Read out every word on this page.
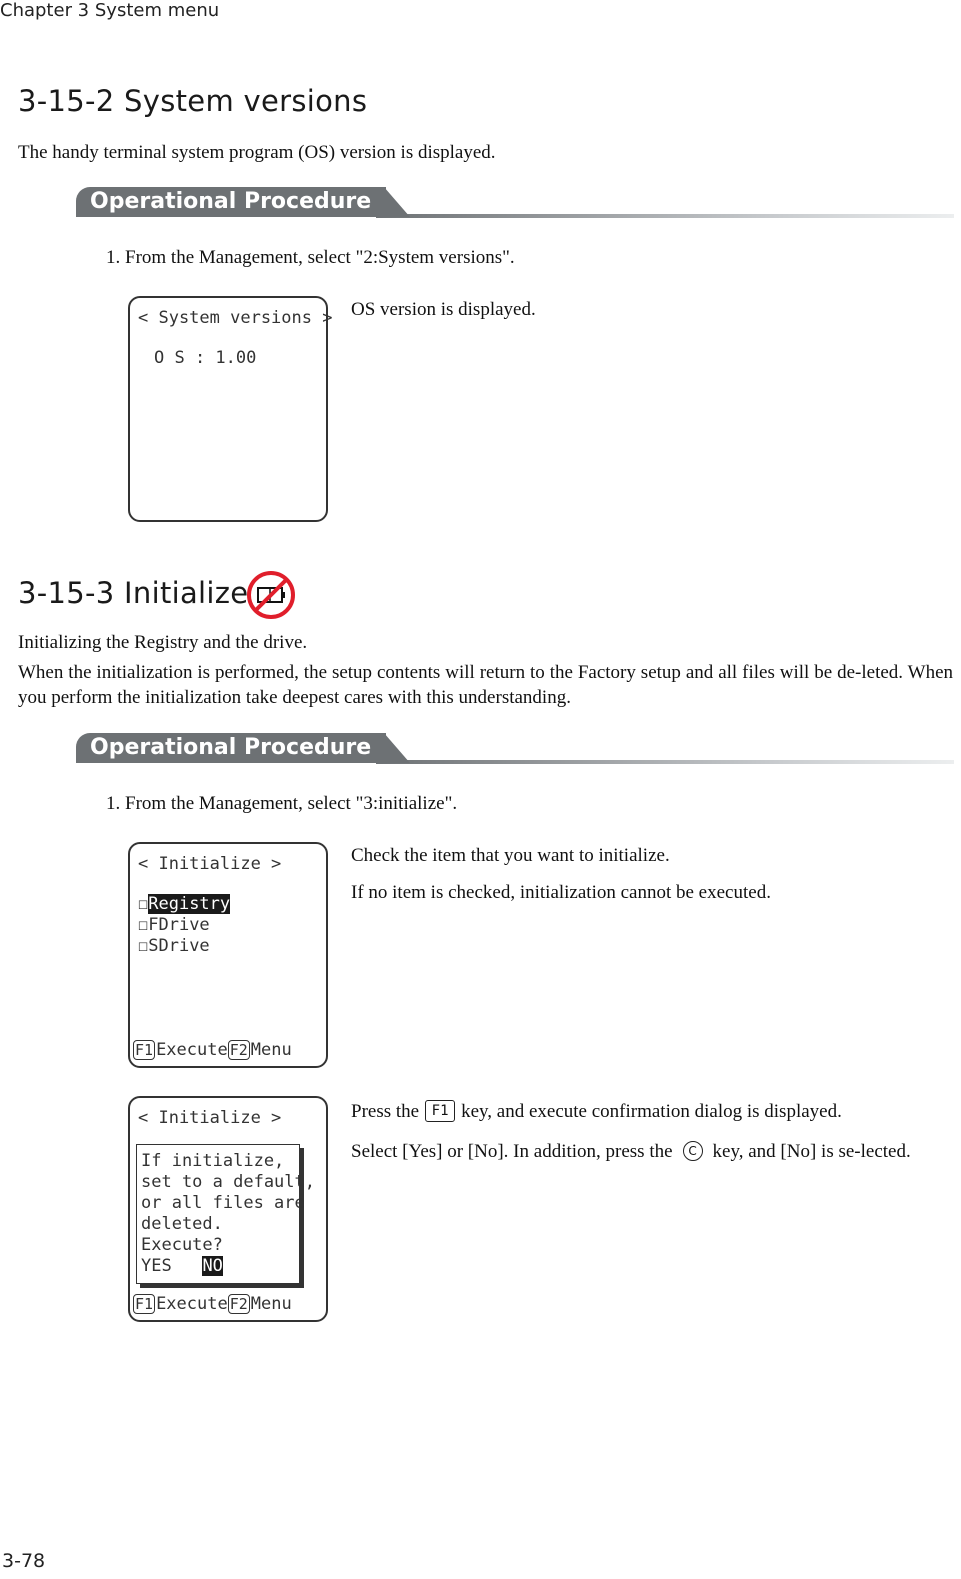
Chapter 3 System menu
3-15-2 System versions
The handy terminal system program (OS) version is displayed.
Operational Procedure
1. From the Management, select "2:System versions".
< System versions >
O S : 1.00
OS version is displayed.
3-15-3 Initialize
Initializing the Registry and the drive.
When the initialization is performed, the setup contents will return to the Factory setup and all files will be de-leted. When you perform the initialization take deepest cares with this understanding.
Operational Procedure
1. From the Management, select "3:initialize".
< Initialize >
☐Registry
☐FDrive
☐SDrive
F1 Execute F2 Menu
Check the item that you want to initialize.
If no item is checked, initialization cannot be executed.
< Initialize >
If initialize,
set to a default,
or all files are
deleted.
Execute?
YES NO
F1 Execute F2 Menu
Press the F1 key, and execute confirmation dialog is displayed.
Select [Yes] or [No]. In addition, press the C key, and [No] is se-lected.
3-78
